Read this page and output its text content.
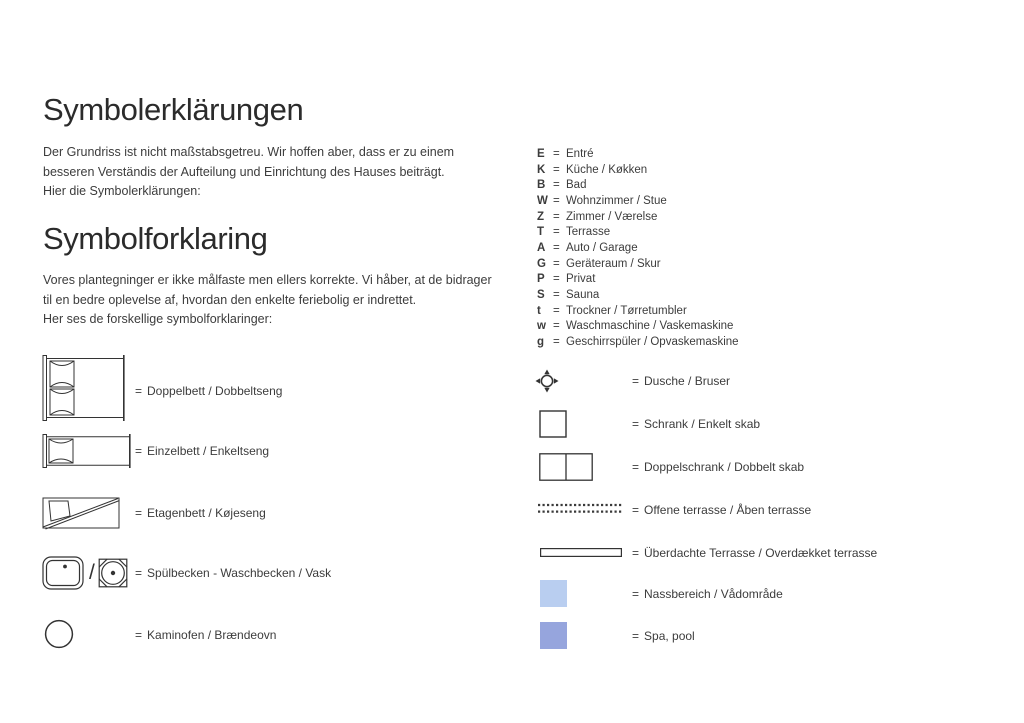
Symbolerklärungen
Der Grundriss ist nicht maßstabsgetreu. Wir hoffen aber, dass er zu einem
besseren Verständis der Aufteilung und Einrichtung des Hauses beiträgt.
Hier die Symbolerklärungen:
Symbolforklaring
Vores plantegninger er ikke målfaste men ellers korrekte. Vi håber, at de bidrager
til en bedre oplevelse af, hvordan den enkelte feriebolig er indrettet.
Her ses de forskellige symbolforklaringer:
= Doppelbett / Dobbeltseng
= Einzelbett / Enkeltseng
= Etagenbett / Køjeseng
/	= Spülbecken - Waschbecken / Vask
= Kaminofen / Brændeovn
E = Entré
K = Küche / Køkken
B = Bad
W = Wohnzimmer / Stue
Z = Zimmer / Værelse
T = Terrasse
A = Auto / Garage
G = Geräteraum / Skur
P = Privat
S = Sauna
t	= Trockner / Tørretumbler
w = Waschmaschine / Vaskemaskine
g = Geschirrspüler / Opvaskemaskine
= Dusche / Bruser
= Schrank / Enkelt skab
= Doppelschrank / Dobbelt skab
= Offene terrasse / Åben terrasse
= Überdachte Terrasse / Overdækket terrasse
= Nassbereich / Vådområde
= Spa, pool
